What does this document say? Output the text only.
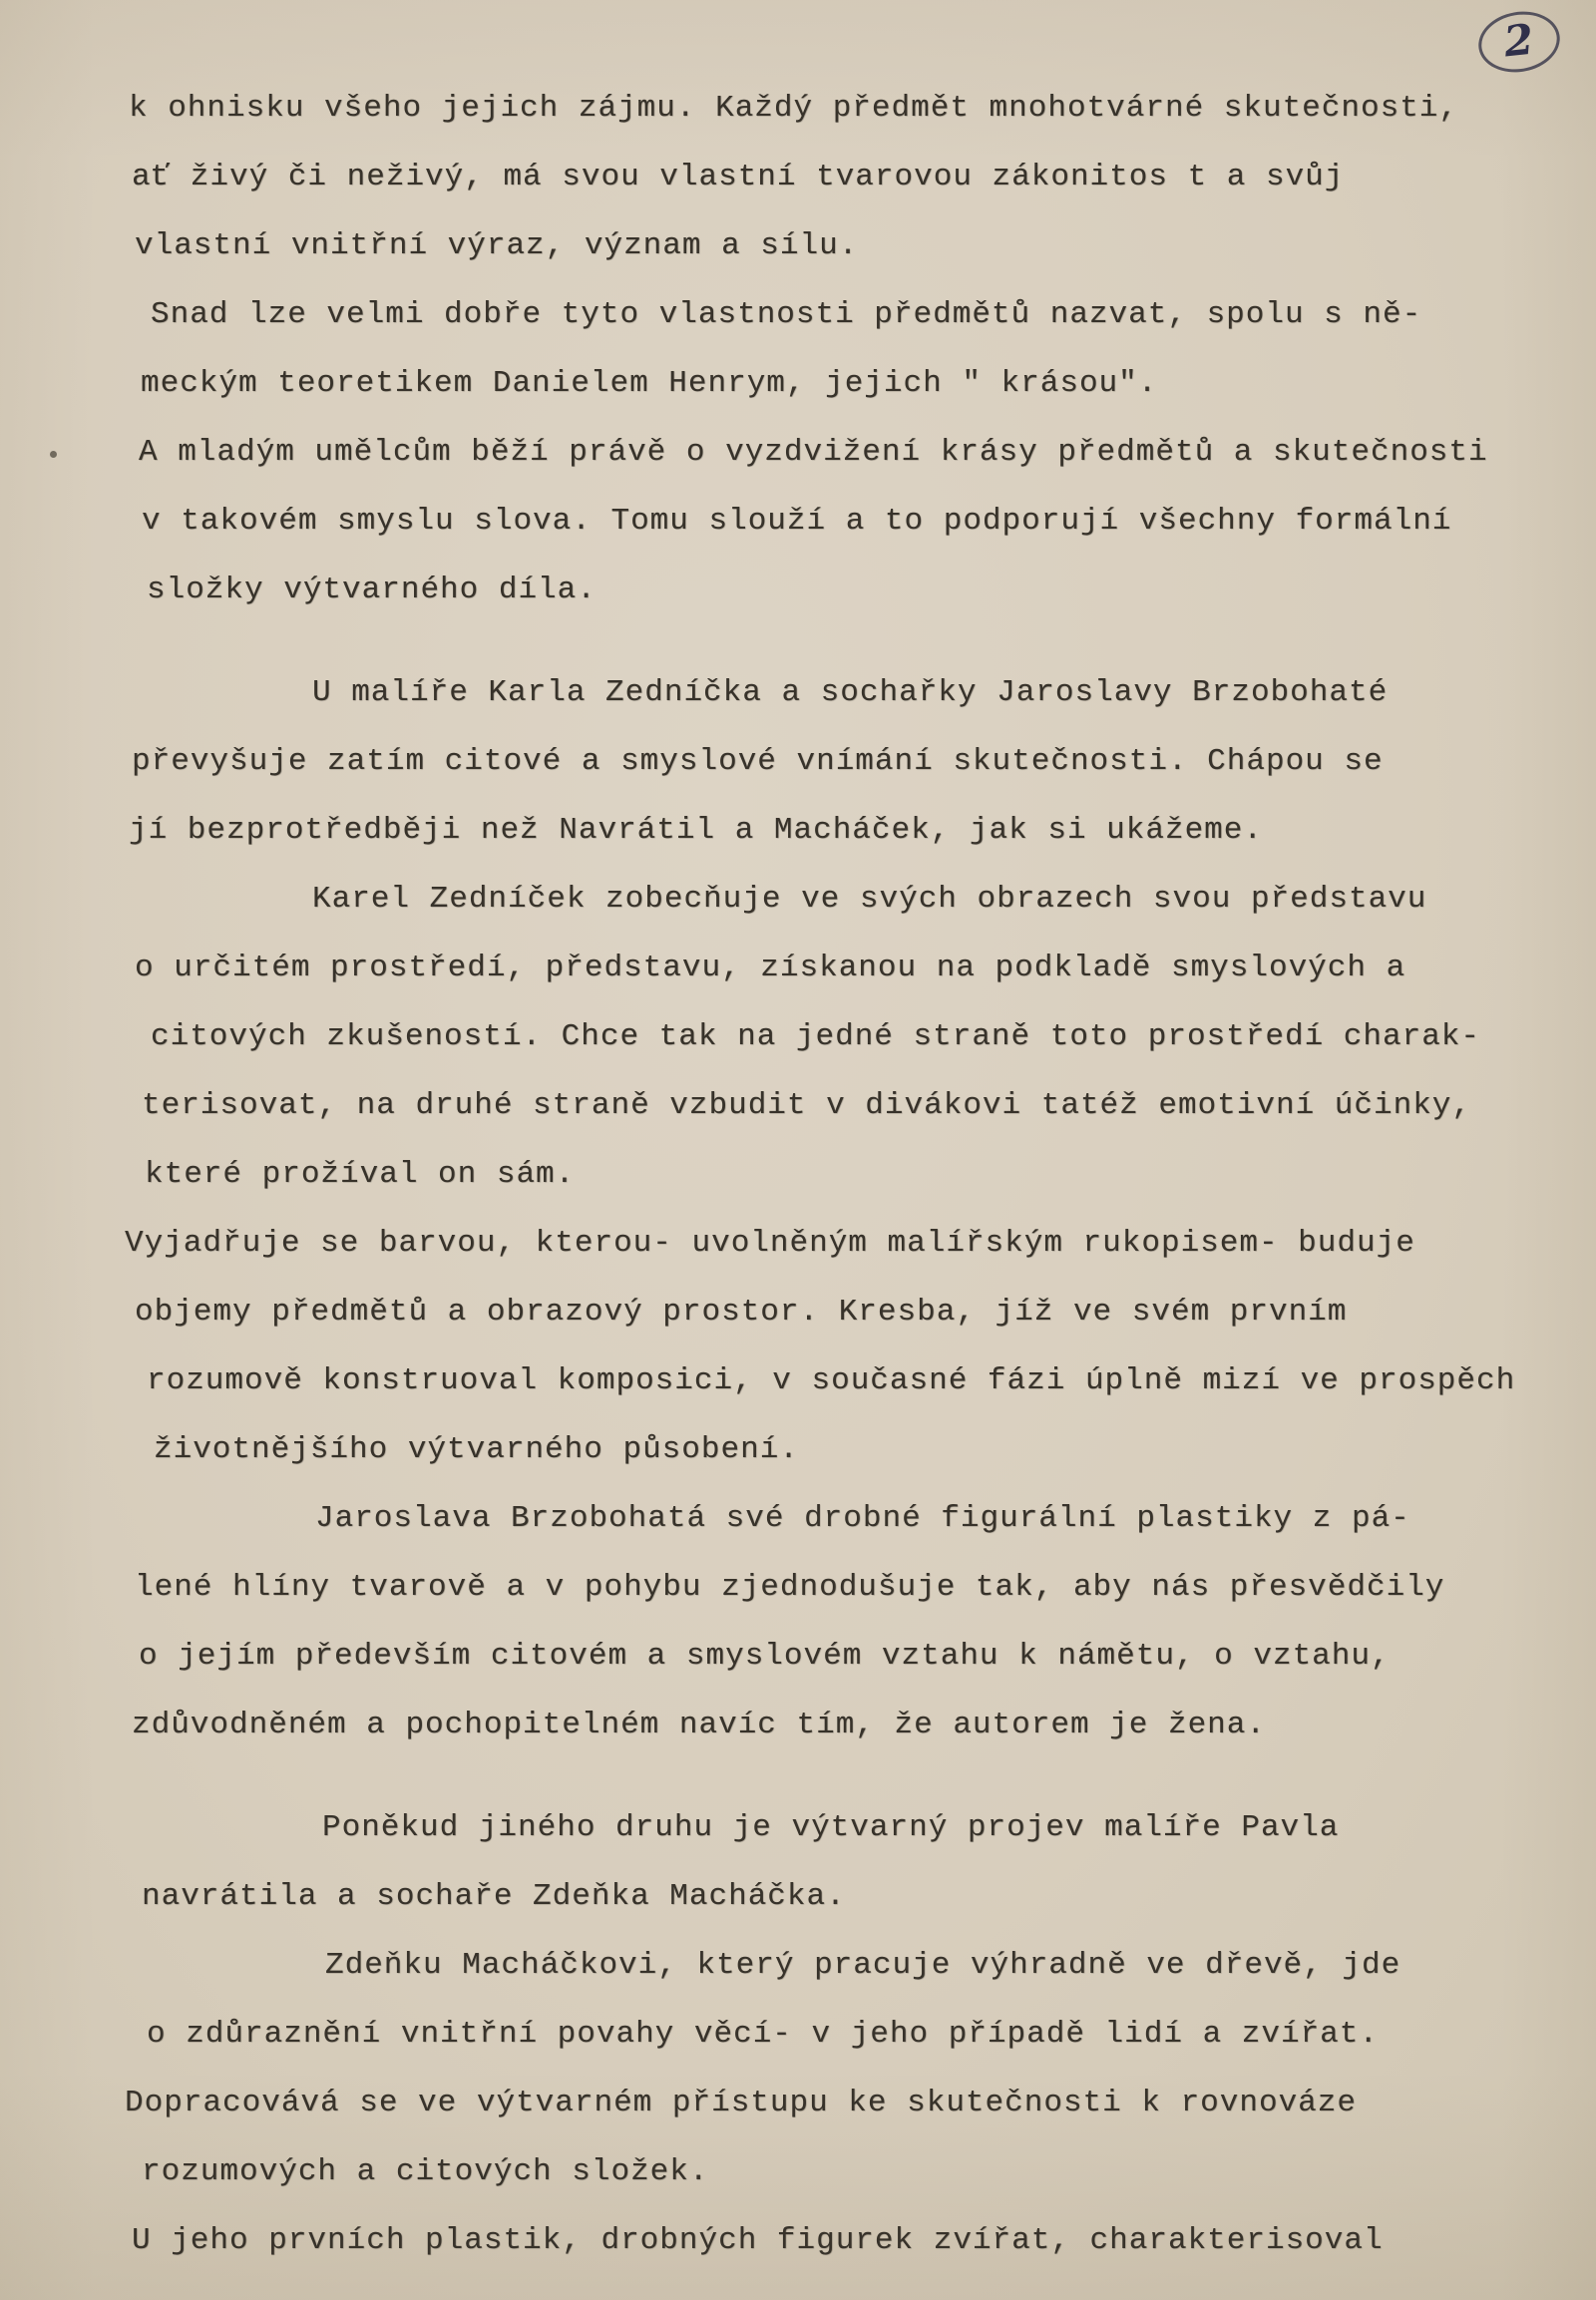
2
k ohnisku všeho jejich zájmu. Každý předmět mnohotvárné skutečnosti,
ať živý či neživý, má svou vlastní tvarovou zákonitos t a svůj
vlastní vnitřní výraz, význam a sílu.
Snad lze velmi dobře tyto vlastnosti předmětů nazvat, spolu s ně-
meckým teoretikem Danielem Henrym, jejich " krásou".
A mladým umělcům běží právě o vyzdvižení krásy předmětů a skutečnosti
v takovém smyslu slova. Tomu slouží a to podporují všechny formální
složky výtvarného díla.
U malíře Karla Zedníčka a sochařky Jaroslavy Brzobohaté
převyšuje zatím citové a smyslové vnímání skutečnosti. Chápou se
jí bezprotředběji než Navrátil a Macháček, jak si ukážeme.
Karel Zedníček zobecňuje ve svých obrazech svou představu
o určitém prostředí, představu, získanou na podkladě smyslových a
citových zkušeností. Chce tak na jedné straně toto prostředí charak-
terisovat, na druhé straně vzbudit v divákovi tatéž emotivní účinky,
které prožíval on sám.
Vyjadřuje se barvou, kterou- uvolněným malířským rukopisem- buduje
objemy předmětů a obrazový prostor. Kresba, jíž ve svém prvním
rozumově konstruoval komposici, v současné fázi úplně mizí ve prospěch
životnějšího výtvarného působení.
Jaroslava Brzobohatá své drobné figurální plastiky z pá-
lené hlíny tvarově a v pohybu zjednodušuje tak, aby nás přesvědčily
o jejím především citovém a smyslovém vztahu k námětu, o vztahu,
zdůvodněném a pochopitelném navíc tím, že autorem je žena.
Poněkud jiného druhu je výtvarný projev malíře Pavla
navrátila a sochaře Zdeňka Macháčka.
Zdeňku Macháčkovi, který pracuje výhradně ve dřevě, jde
o zdůraznění vnitřní povahy věcí- v jeho případě lidí a zvířat.
Dopracovává se ve výtvarném přístupu ke skutečnosti k rovnováze
rozumových a citových složek.
U jeho prvních plastik, drobných figurek zvířat, charakterisoval
